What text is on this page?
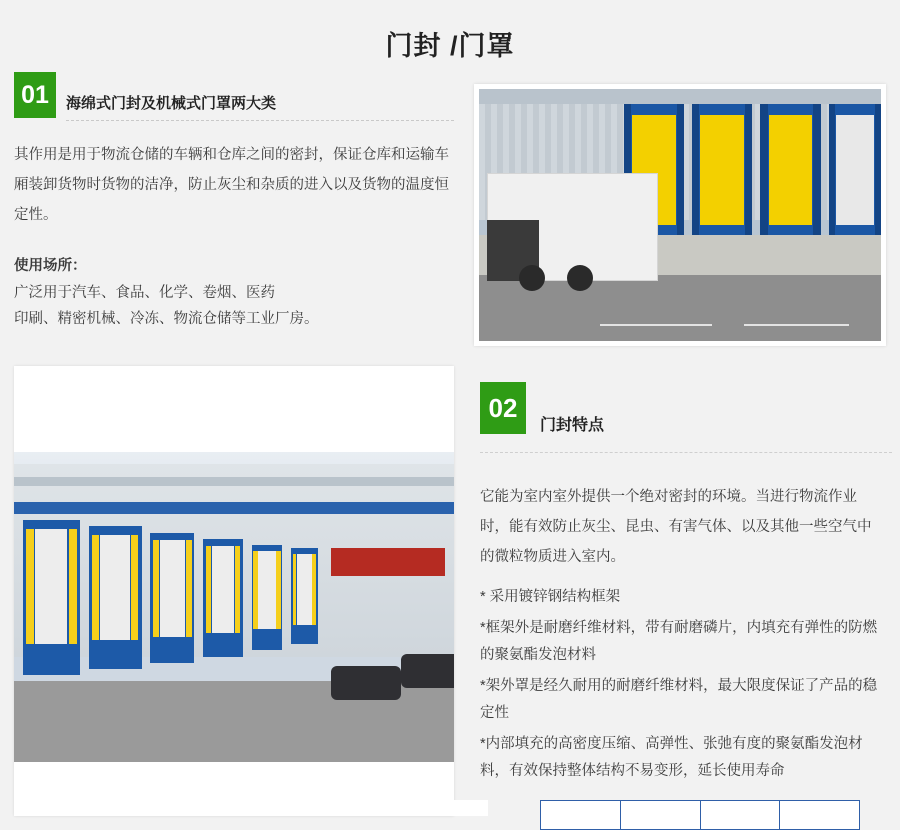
门封 /门罩
01	海绵式门封及机械式门罩两大类
其作用是用于物流仓储的车辆和仓库之间的密封，保证仓库和运输车厢装卸货物时货物的洁净，防止灰尘和杂质的进入以及货物的温度恒定性。
使用场所：
广泛用于汽车、食品、化学、卷烟、医药
印刷、精密机械、冷冻、物流仓储等工业厂房。
02
门封特点

它能为室内室外提供一个绝对密封的环境。当进行物流作业时，能有效防止灰尘、昆虫、有害气体、以及其他一些空气中的微粒物质进入室内。

* 采用镀锌钢结构框架

*框架外是耐磨纤维材料，带有耐磨磷片，内填充有弹性的防燃的聚氨酯发泡材料

*架外罩是经久耐用的耐磨纤维材料，最大限度保证了产品的稳定性

*内部填充的高密度压缩、高弹性、张弛有度的聚氨酯发泡材料，有效保持整体结构不易变形，延长使用寿命
